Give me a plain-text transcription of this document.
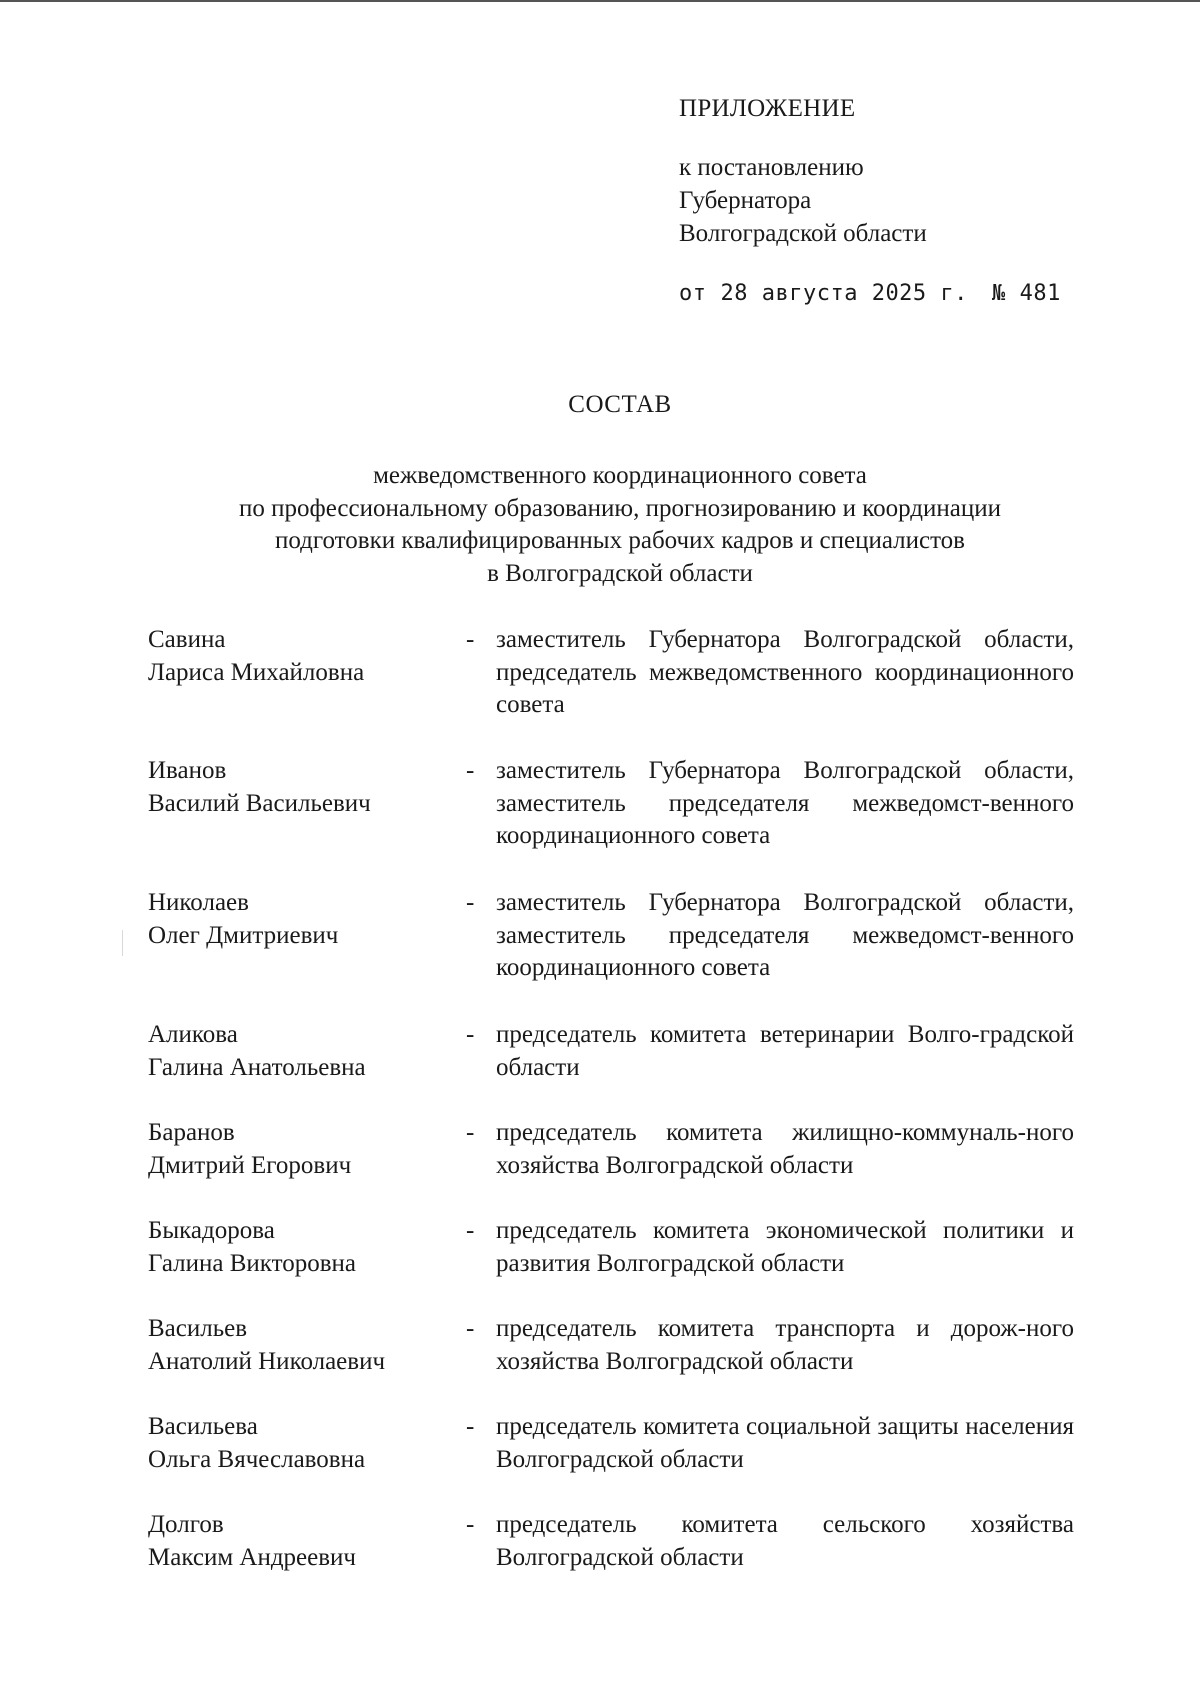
ПРИЛОЖЕНИЕ
к постановлению
Губернатора
Волгоградской области
от 28 августа 2025 г. № 481
СОСТАВ
межведомственного координационного совета
по профессиональному образованию, прогнозированию и координации
подготовки квалифицированных рабочих кадров и специалистов
в Волгоградской области
Савина
Лариса Михайловна
- заместитель Губернатора Волгоградской области, председатель межведомственного координационного совета
Иванов
Василий Васильевич
- заместитель Губернатора Волгоградской области, заместитель председателя межведомст-венного координационного совета
Николаев
Олег Дмитриевич
- заместитель Губернатора Волгоградской области, заместитель председателя межведомст-венного координационного совета
Аликова
Галина Анатольевна
- председатель комитета ветеринарии Волго-градской области
Баранов
Дмитрий Егорович
- председатель комитета жилищно-коммуналь-ного хозяйства Волгоградской области
Быкадорова
Галина Викторовна
- председатель комитета экономической политики и развития Волгоградской области
Васильев
Анатолий Николаевич
- председатель комитета транспорта и дорож-ного хозяйства Волгоградской области
Васильева
Ольга Вячеславовна
- председатель комитета социальной защиты населения Волгоградской области
Долгов
Максим Андреевич
- председатель комитета сельского хозяйства Волгоградской области
